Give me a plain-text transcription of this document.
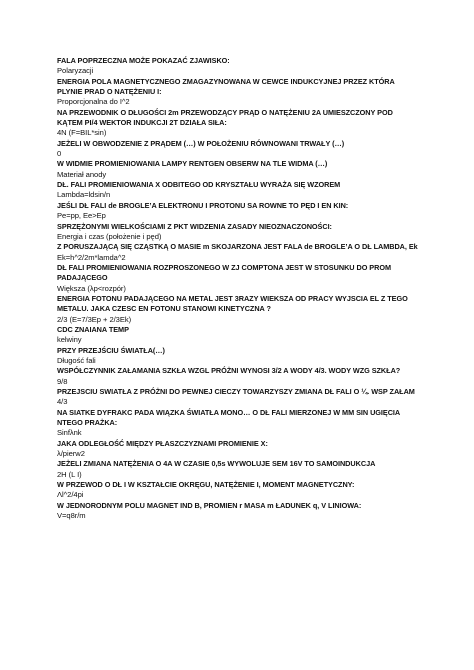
FALA POPRZECZNA MOŻE POKAZAĆ ZJAWISKO:
Polaryzacji
ENERGIA POLA MAGNETYCZNEGO ZMAGAZYNOWANA W CEWCE INDUKCYJNEJ PRZEZ KTÓRA
PLYNIE PRAD O NATĘŻENIU I:
Proporcjonalna do I^2
NA PRZEWODNIK O DŁUGOŚCI 2m PRZEWODZĄCY PRĄD O NATĘŻENIU 2A UMIESZCZONY POD
KĄTEM PI/4 WEKTOR INDUKCJI 2T DZIAŁA SIŁA:
4N (F=BIL*sin)
JEŻELI W OBWODZENIE Z PRĄDEM (…) W POŁOŻENIU RÓWNOWANI TRWAŁY (…)
0
W WIDMIE PROMIENIOWANIA LAMPY RENTGEN OBSERW NA TLE WIDMA (…)
Materiał anody
DŁ. FALI PROMIENIOWANIA X ODBITEGO OD KRYSZTAŁU WYRAŻA SIĘ WZOREM
Lambda=ldsin/n
JEŚLI DŁ FALI de BROGLE’A ELEKTRONU I PROTONU SA ROWNE TO PĘD I EN KIN:
Pe=pp, Ee>Ep
SPRZĘŻONYMI WIELKOŚCIAMI Z PKT WIDZENIA ZASADY NIEOZNACZONOŚCI:
Energia i czas (położenie i pęd)
Z PORUSZAJĄCĄ SIĘ CZĄSTKĄ O MASIE m SKOJARZONA JEST FALA de BROGLE’A O DŁ LAMBDA, Ek
Ek=h^2/2m*lamda^2
DŁ FALI PROMIENIOWANIA ROZPROSZONEGO W ZJ COMPTONA JEST W STOSUNKU DO PROM
PADAJĄCEGO
Większa (λp<rozpór)
ENERGIA FOTONU PADAJĄCEGO NA METAL JEST 3RAZY WIEKSZA OD PRACY WYJSCIA EL Z TEGO
METALU. JAKA CZESC EN FOTONU STANOWI KINETYCZNA ?
2/3 (E=7/3Ep + 2/3Ek)
CDC ZNAIANA TEMP
kelwiny
PRZY PRZEJŚCIU ŚWIATŁA(…)
Długość fali
WSPÓŁCZYNNIK ZAŁAMANIA SZKŁA WZGL PRÓŻNI WYNOSI 3/2 A WODY 4/3. WODY WZG SZKŁA?
9/8
PRZEJSCIU SWIATŁA Z PRÓŻNI DO PEWNEJ CIECZY TOWARZYSZY ZMIANA DŁ FALI O ¼. WSP ZAŁAM
4/3
NA SIATKE DYFRAKC PADA WIĄZKA ŚWIATŁA MONO… O DŁ FALI MIERZONEJ W MM SIN UGIĘCIA
NTEGO PRAŻKA:
Sinfλnk
JAKA ODLEGŁOŚĆ MIĘDZY PŁASZCZYZNAMI PROMIENIE X:
λ/pierw2
JEŻELI ZMIANA NATĘŻENIA O 4A W CZASIE 0,5s WYWOLUJE SEM 16V TO SAMOINDUKCJA
2H (L I)
W PRZEWOD O DŁ I W KSZTAŁCIE OKRĘGU, NATĘŻENIE I, MOMENT MAGNETYCZNY:
Ʌl^2/4pi
W JEDNORODNYM POLU MAGNET IND B, PROMIEN r MASA m ŁADUNEK q, V LINIOWA:
V=q8r/m
